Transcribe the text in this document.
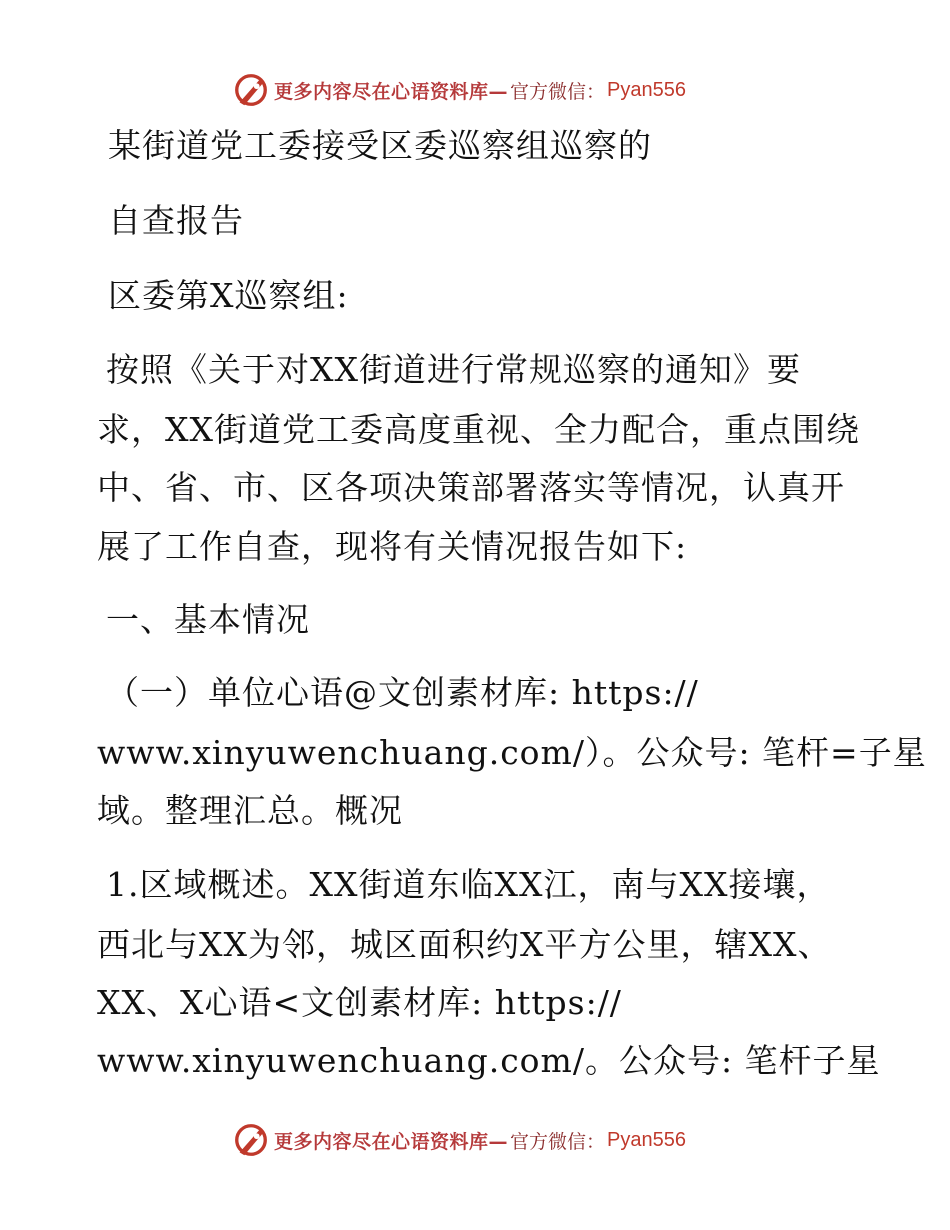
更多内容尽在心语资料库— 官方微信： Pyan556
某街道党工委接受区委巡察组巡察的
自查报告
区委第X巡察组:
按照《关于对XX街道进行常规巡察的通知》要
求，XX街道党工委高度重视、全力配合，重点围绕
中、省、市、区各项决策部署落实等情况，认真开
展了工作自查，现将有关情况报告如下:
一、基本情况
（一）单位心语@文创素材库: https://
www.xinyuwenchuang.com/）。公众号: 笔杆=子星
域。整理汇总。概况
1.区域概述。XX街道东临XX江，南与XX接壤，
西北与XX为邻，城区面积约X平方公里，辖XX、
XX、X心语<文创素材库: https://
www.xinyuwenchuang.com/。公众号: 笔杆子星
更多内容尽在心语资料库— 官方微信： Pyan556
